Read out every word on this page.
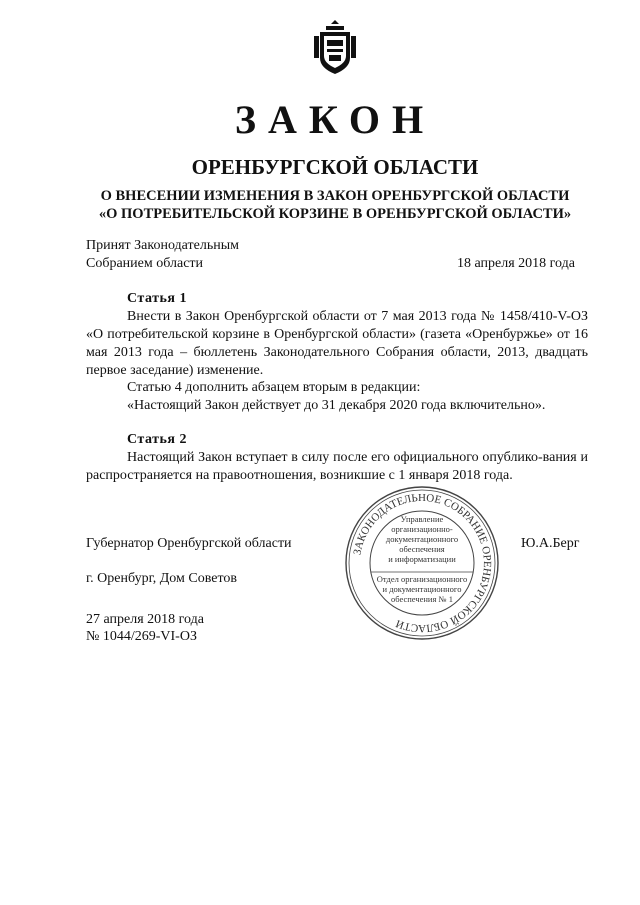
ЗАКОН
ОРЕНБУРГСКОЙ ОБЛАСТИ
О ВНЕСЕНИИ ИЗМЕНЕНИЯ В ЗАКОН ОРЕНБУРГСКОЙ ОБЛАСТИ
«О ПОТРЕБИТЕЛЬСКОЙ КОРЗИНЕ В ОРЕНБУРГСКОЙ ОБЛАСТИ»
Принят Законодательным
Собранием области	18 апреля 2018 года
Статья 1
Внести в Закон Оренбургской области от 7 мая 2013 года № 1458/410-V-ОЗ «О потребительской корзине в Оренбургской области» (газета «Оренбуржье» от 16 мая 2013 года – бюллетень Законодательного Собрания области, 2013, двадцать первое заседание) изменение.
Статью 4 дополнить абзацем вторым в редакции:
«Настоящий Закон действует до 31 декабря 2020 года включительно».
Статья 2
Настоящий Закон вступает в силу после его официального опублико-вания и распространяется на правоотношения, возникшие с 1 января 2018 года.
Губернатор Оренбургской области	Ю.А.Берг
г. Оренбург, Дом Советов
27 апреля 2018 года
№ 1044/269-VI-ОЗ
ЗАКОНОДАТЕЛЬНОЕ СОБРАНИЕ ОРЕНБУРГСКОЙ ОБЛАСТИ
Управление
организационно-
документационного
обеспечения
и информатизации
Отдел организационного
и документационного
обеспечения № 1
